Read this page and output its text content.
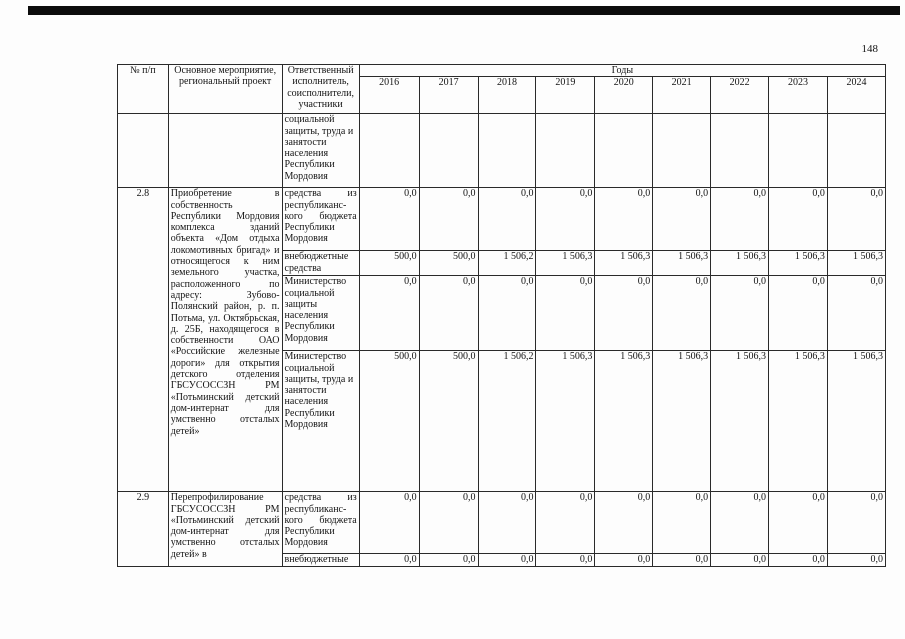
148
№ п/п	Основное мероприятие, региональный проект	Ответственный исполнитель, соисполнители, участники	Годы								
			2016	2017	2018	2019	2020	2021	2022	2023	2024
		социальной защиты, труда и занятости населения Республики Мордовия									
2.8	Приобретение в собственность Республики Мордовия комплекса зданий объекта «Дом отдыха локомотивных бригад» и относящегося к ним земельного участка, расположенного по адресу: Зубово-Полянский район, р. п. Потьма, ул. Октябрьская, д. 25Б, находящегося в собственности ОАО «Российские железные дороги» для открытия детского отделения ГБСУСОССЗН РМ «Потьминский детский дом-интернат для умственно отсталых детей»	средства из республиканс-кого бюджета Республики Мордовия	0,0	0,0	0,0	0,0	0,0	0,0	0,0	0,0	0,0
		внебюджетные средства	500,0	500,0	1 506,2	1 506,3	1 506,3	1 506,3	1 506,3	1 506,3	1 506,3
		Министерство социальной защиты населения Республики Мордовия	0,0	0,0	0,0	0,0	0,0	0,0	0,0	0,0	0,0
		Министерство социальной защиты, труда и занятости населения Республики Мордовия	500,0	500,0	1 506,2	1 506,3	1 506,3	1 506,3	1 506,3	1 506,3	1 506,3
2.9	Перепрофилирование ГБСУСОССЗН РМ «Потьминский детский дом-интернат для умственно отсталых детей» в	средства из республиканс-кого бюджета Республики Мордовия	0,0	0,0	0,0	0,0	0,0	0,0	0,0	0,0	0,0
		внебюджетные	0,0	0,0	0,0	0,0	0,0	0,0	0,0	0,0	0,0
